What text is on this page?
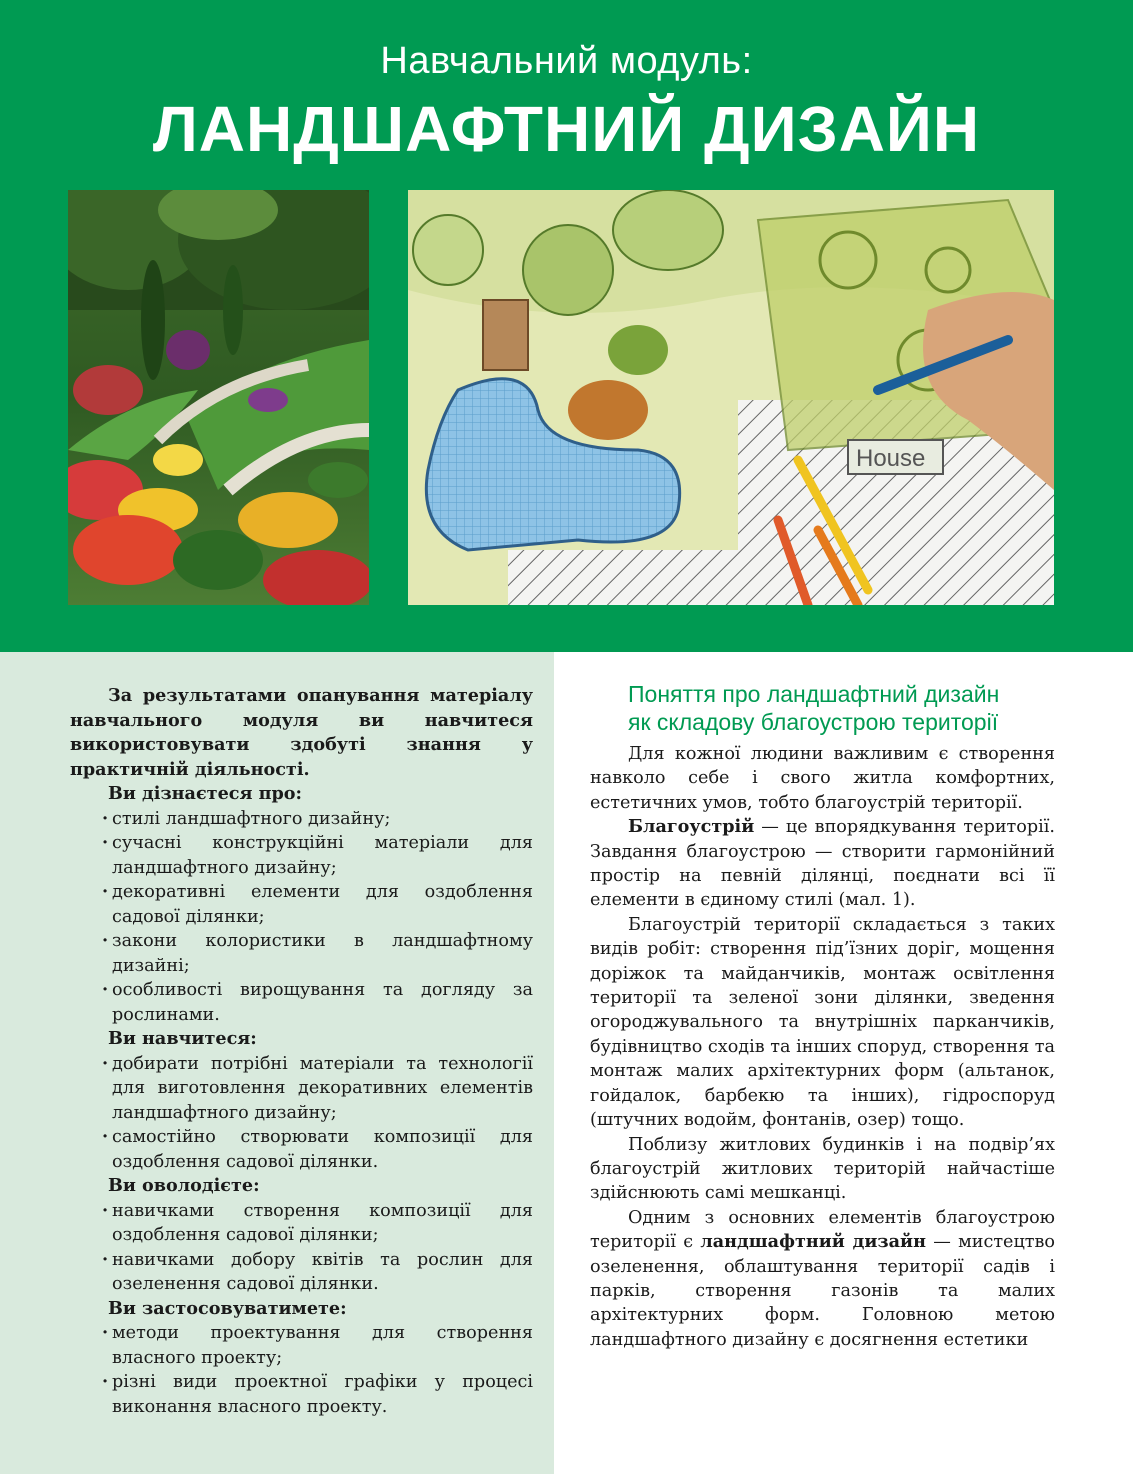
Навчальний модуль:
ЛАНДШАФТНИЙ ДИЗАЙН
House

За результатами опанування матеріалу навчального модуля ви навчитеся використовувати здобуті знання у практичній діяльності.

Ви дізнаєтеся про:
· стилі ландшафтного дизайну;
· сучасні конструкційні матеріали для ландшафтного дизайну;
· декоративні елементи для оздоблення садової ділянки;
· закони колористики в ландшафтному дизайні;
· особливості вирощування та догляду за рослинами.
Ви навчитеся:
· добирати потрібні матеріали та технології для виготовлення декоративних елементів ландшафтного дизайну;
· самостійно створювати композиції для оздоблення садової ділянки.
Ви оволодієте:
· навичками створення композиції для оздоблення садової ділянки;
· навичками добору квітів та рослин для озеленення садової ділянки.
Ви застосовуватимете:
· методи проектування для створення власного проекту;
· різні види проектної графіки у процесі виконання власного проекту.
Поняття про ландшафтний дизайн
як складову благоустрою території

Для кожної людини важливим є створення навколо себе і свого житла комфортних, естетичних умов, тобто благоустрій території.

Благоустрій — це впорядкування території. Завдання благоустрою — створити гармонійний простір на певній ділянці, поєднати всі її елементи в єдиному стилі (мал. 1).

Благоустрій території складається з таких видів робіт: створення під’їзних доріг, мощення доріжок та майданчиків, монтаж освітлення території та зеленої зони ділянки, зведення огороджувального та внутрішніх парканчиків, будівництво сходів та інших споруд, створення та монтаж малих архітектурних форм (альтанок, гойдалок, барбекю та інших), гідроспоруд (штучних водойм, фонтанів, озер) тощо.

Поблизу житлових будинків і на подвір’ях благоустрій житлових територій найчастіше здійснюють самі мешканці.

Одним з основних елементів благоустрою території є ландшафтний дизайн — мистецтво озеленення, облаштування території садів і парків, створення газонів та малих архітектурних форм. Головною метою ландшафтного дизайну є досягнення естетики
